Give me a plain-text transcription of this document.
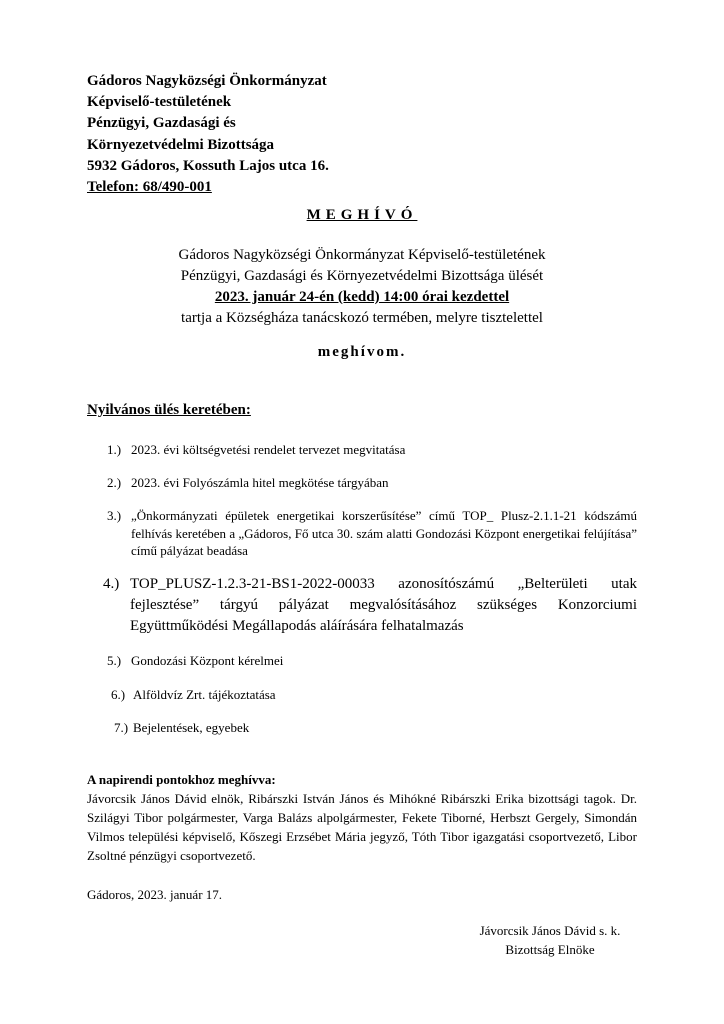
Gádoros Nagyközségi Önkormányzat
Képviselő-testületének
Pénzügyi, Gazdasági és
Környezetvédelmi Bizottsága
5932 Gádoros, Kossuth Lajos utca 16.
Telefon: 68/490-001
MEGHÍVÓ
Gádoros Nagyközségi Önkormányzat Képviselő-testületének
Pénzügyi, Gazdasági és Környezetvédelmi Bizottsága ülését
2023. január 24-én (kedd) 14:00 órai kezdettel
tartja a Községháza tanácskozó termében, melyre tisztelettel
meghívom.
Nyilvános ülés keretében:
1.) 2023. évi költségvetési rendelet tervezet megvitatása
2.) 2023. évi Folyószámla hitel megkötése tárgyában
3.) „Önkormányzati épületek energetikai korszerűsítése” című TOP_ Plusz-2.1.1-21 kódszámú felhívás keretében a „Gádoros, Fő utca 30. szám alatti Gondozási Központ energetikai felújítása” című pályázat beadása
4.) TOP_PLUSZ-1.2.3-21-BS1-2022-00033 azonosítószámú „Belterületi utak fejlesztése” tárgyú pályázat megvalósításához szükséges Konzorciumi Együttműködési Megállapodás aláírására felhatalmazás
5.) Gondozási Központ kérelmei
6.) Alföldvíz Zrt. tájékoztatása
7.) Bejelentések, egyebek
A napirendi pontokhoz meghívva:
Jávorcsik János Dávid elnök, Ribárszki István János és Mihókné Ribárszki Erika bizottsági tagok. Dr. Szilágyi Tibor polgármester, Varga Balázs alpolgármester, Fekete Tiborné, Herbszt Gergely, Simondán Vilmos települési képviselő, Kőszegi Erzsébet Mária jegyző, Tóth Tibor igazgatási csoportvezető, Libor Zsoltné pénzügyi csoportvezető.
Gádoros, 2023. január 17.
Jávorcsik János Dávid s. k.
Bizottság Elnöke
